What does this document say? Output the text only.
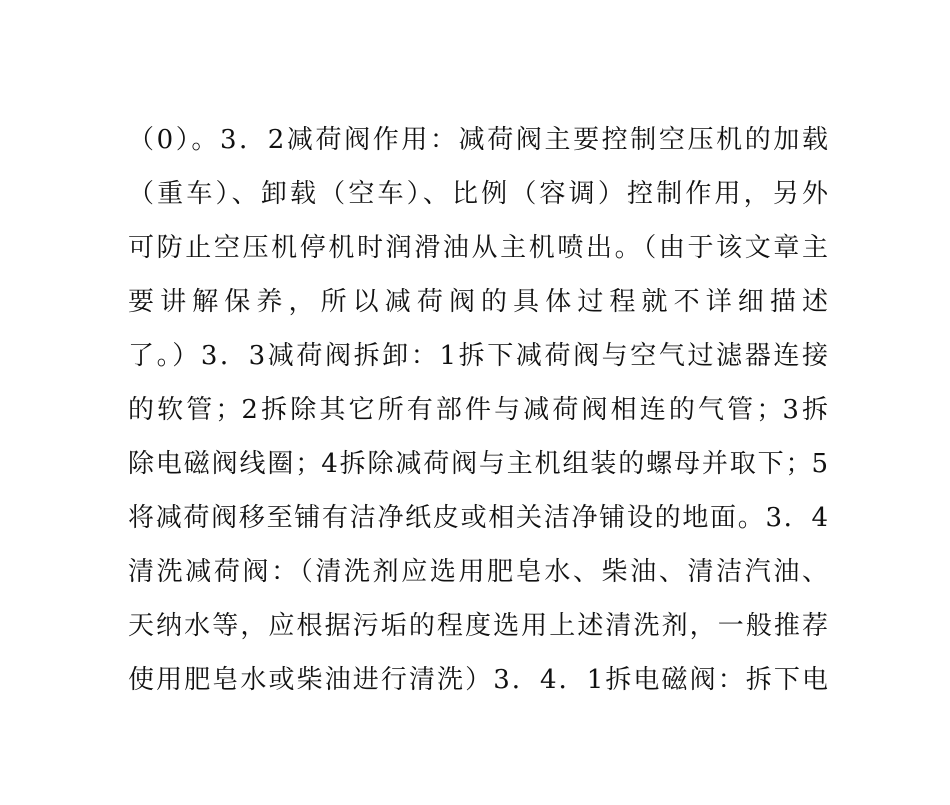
（0）。3．2减荷阀作用：减荷阀主要控制空压机的加载
（重车）、卸载（空车）、比例（容调）控制作用，另外
可防止空压机停机时润滑油从主机喷出。（由于该文章主
要讲解保养，所以减荷阀的具体过程就不详细描述
了。）3．3减荷阀拆卸：1拆下减荷阀与空气过滤器连接
的软管；2拆除其它所有部件与减荷阀相连的气管；3拆
除电磁阀线圈；4拆除减荷阀与主机组装的螺母并取下；5
将减荷阀移至铺有洁净纸皮或相关洁净铺设的地面。3．4
清洗减荷阀：（清洗剂应选用肥皂水、柴油、清洁汽油、
天纳水等，应根据污垢的程度选用上述清洗剂，一般推荐
使用肥皂水或柴油进行清洗）3．4．1拆电磁阀：拆下电
